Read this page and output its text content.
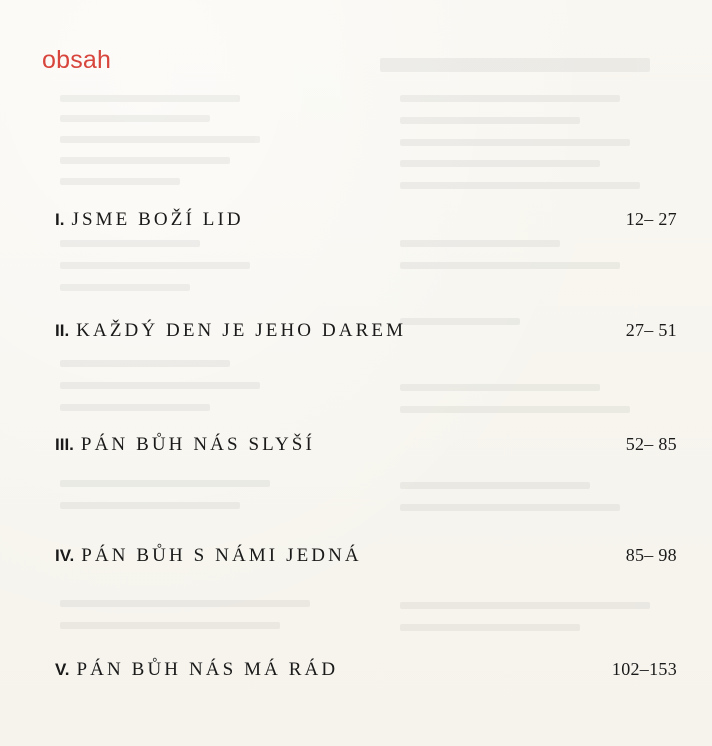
obsah
I. JSME BOŽÍ LID	12– 27
II. KAŽDÝ DEN JE JEHO DAREM	27– 51
III. PÁN BŮH NÁS SLYŠÍ	52– 85
IV. PÁN BŮH S NÁMI JEDNÁ	85– 98
V. PÁN BŮH NÁS MÁ RÁD	102–153
